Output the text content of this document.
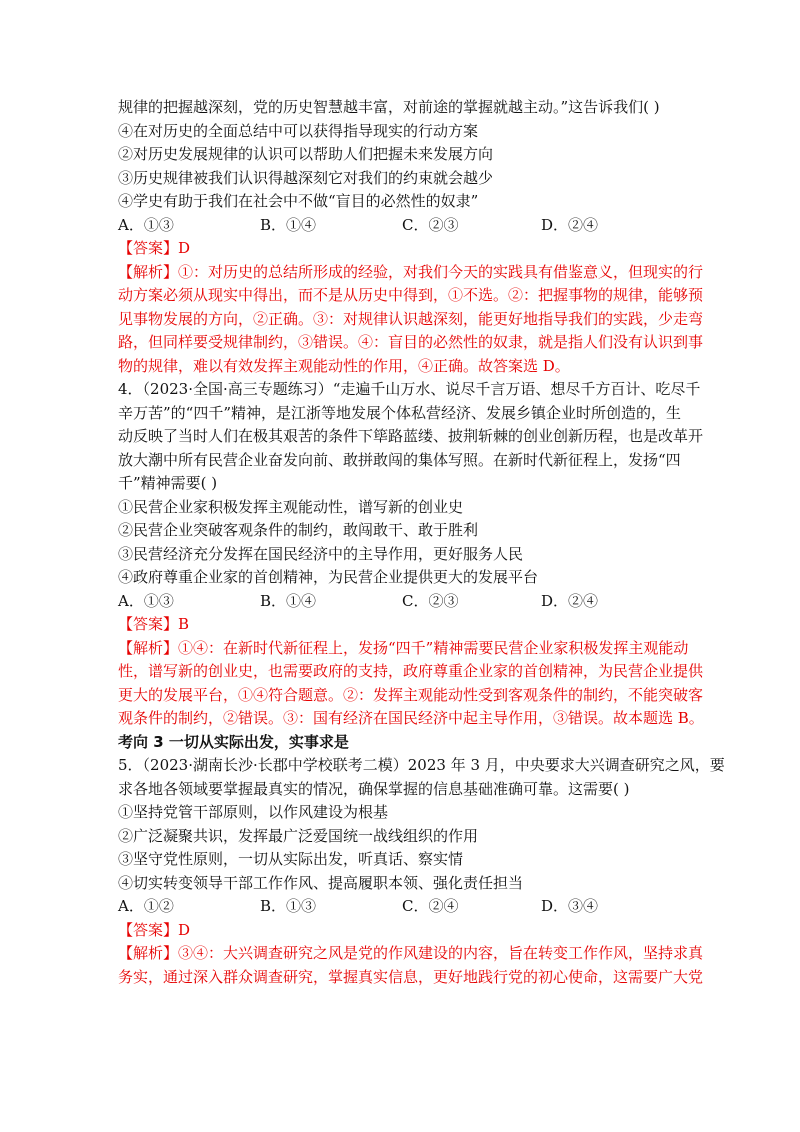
规律的把握越深刻，党的历史智慧越丰富，对前途的掌握就越主动。”这告诉我们( )
④在对历史的全面总结中可以获得指导现实的行动方案
②对历史发展规律的认识可以帮助人们把握未来发展方向
③历史规律被我们认识得越深刻它对我们的约束就会越少
④学史有助于我们在社会中不做“盲目的必然性的奴隶”
A．①③	B．①④	C．②③	D．②④
【答案】D
【解析】①：对历史的总结所形成的经验，对我们今天的实践具有借鉴意义，但现实的行
动方案必须从现实中得出，而不是从历史中得到，①不选。②：把握事物的规律，能够预
见事物发展的方向，②正确。③：对规律认识越深刻，能更好地指导我们的实践，少走弯
路，但同样要受规律制约，③错误。④：盲目的必然性的奴隶，就是指人们没有认识到事
物的规律，难以有效发挥主观能动性的作用，④正确。故答案选 D。
4．（2023·全国·高三专题练习）“走遍千山万水、说尽千言万语、想尽千方百计、吃尽千
辛万苦”的“四千”精神，是江浙等地发展个体私营经济、发展乡镇企业时所创造的，生
动反映了当时人们在极其艰苦的条件下筚路蓝缕、披荆斩棘的创业创新历程，也是改革开
放大潮中所有民营企业奋发向前、敢拼敢闯的集体写照。在新时代新征程上，发扬“四
千”精神需要( )
①民营企业家积极发挥主观能动性，谱写新的创业史
②民营企业突破客观条件的制约，敢闯敢干、敢于胜利
③民营经济充分发挥在国民经济中的主导作用，更好服务人民
④政府尊重企业家的首创精神，为民营企业提供更大的发展平台
A．①③	B．①④	C．②③	D．②④
【答案】B
【解析】①④：在新时代新征程上，发扬“四千”精神需要民营企业家积极发挥主观能动
性，谱写新的创业史，也需要政府的支持，政府尊重企业家的首创精神，为民营企业提供
更大的发展平台，①④符合题意。②：发挥主观能动性受到客观条件的制约，不能突破客
观条件的制约，②错误。③：国有经济在国民经济中起主导作用，③错误。故本题选 B。
考向 3 一切从实际出发，实事求是
5．（2023·湖南长沙·长郡中学校联考二模）2023 年 3 月，中央要求大兴调查研究之风，要
求各地各领域要掌握最真实的情况，确保掌握的信息基础准确可靠。这需要( )
①坚持党管干部原则，以作风建设为根基
②广泛凝聚共识，发挥最广泛爱国统一战线组织的作用
③坚守党性原则，一切从实际出发，听真话、察实情
④切实转变领导干部工作作风、提高履职本领、强化责任担当
A．①②	B．①③	C．②④	D．③④
【答案】D
【解析】③④：大兴调查研究之风是党的作风建设的内容，旨在转变工作作风，坚持求真
务实，通过深入群众调查研究，掌握真实信息，更好地践行党的初心使命，这需要广大党
